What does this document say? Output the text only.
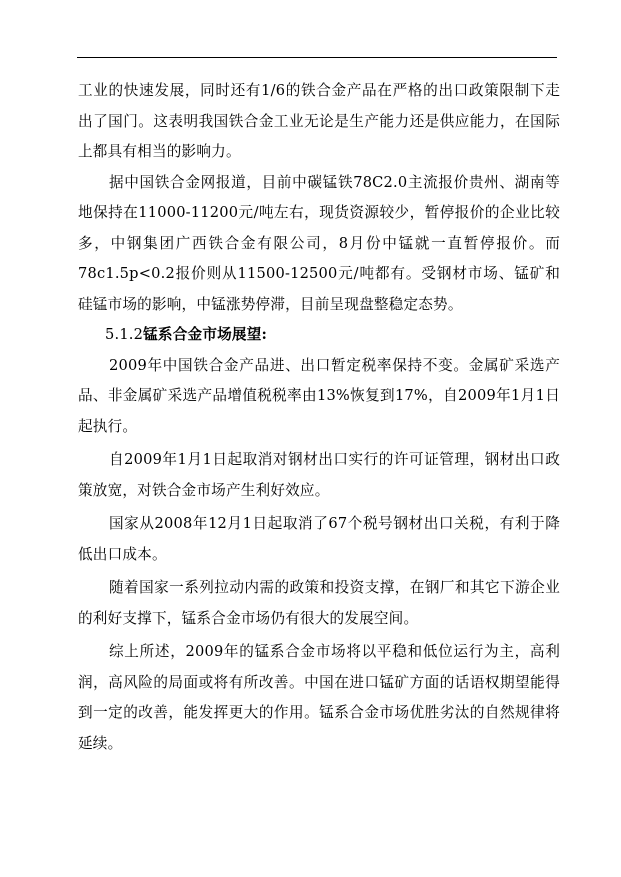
工业的快速发展，同时还有1/6的铁合金产品在严格的出口政策限制下走出了国门。这表明我国铁合金工业无论是生产能力还是供应能力，在国际上都具有相当的影响力。

据中国铁合金网报道，目前中碳锰铁78C2.0主流报价贵州、湖南等地保持在11000-11200元/吨左右，现货资源较少，暂停报价的企业比较多，中钢集团广西铁合金有限公司，8月份中锰就一直暂停报价。而78c1.5p<0.2报价则从11500-12500元/吨都有。受钢材市场、锰矿和硅锰市场的影响，中锰涨势停滞，目前呈现盘整稳定态势。

5.1.2锰系合金市场展望:

2009年中国铁合金产品进、出口暂定税率保持不变。金属矿采选产品、非金属矿采选产品增值税税率由13%恢复到17%，自2009年1月1日起执行。

自2009年1月1日起取消对钢材出口实行的许可证管理，钢材出口政策放宽，对铁合金市场产生利好效应。

国家从2008年12月1日起取消了67个税号钢材出口关税，有利于降低出口成本。

随着国家一系列拉动内需的政策和投资支撑，在钢厂和其它下游企业的利好支撑下，锰系合金市场仍有很大的发展空间。

综上所述，2009年的锰系合金市场将以平稳和低位运行为主，高利润，高风险的局面或将有所改善。中国在进口锰矿方面的话语权期望能得到一定的改善，能发挥更大的作用。锰系合金市场优胜劣汰的自然规律将延续。
